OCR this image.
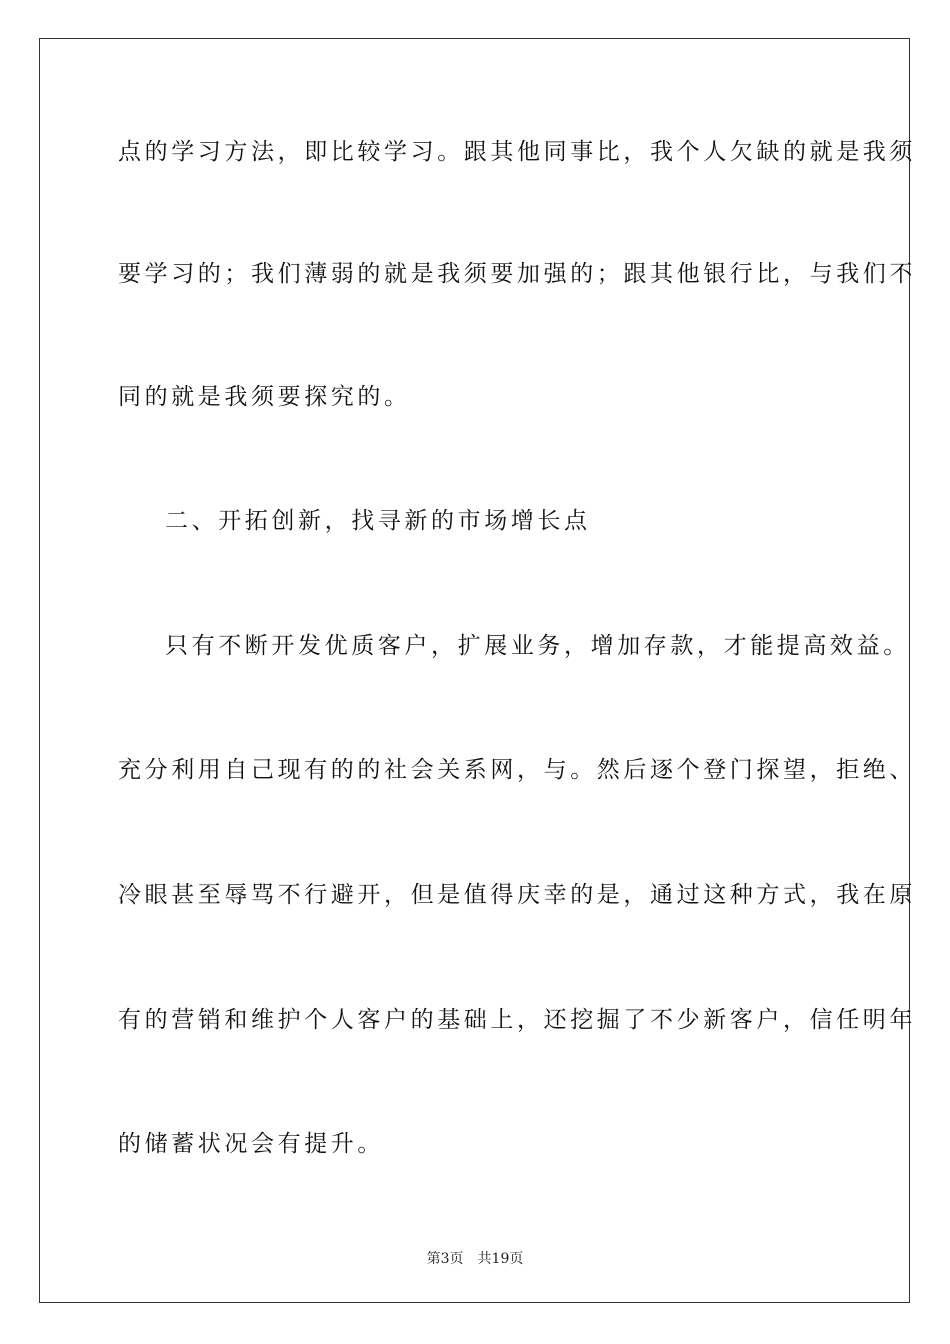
点的学习方法，即比较学习。跟其他同事比，我个人欠缺的就是我须
要学习的；我们薄弱的就是我须要加强的；跟其他银行比，与我们不
同的就是我须要探究的。
二、开拓创新，找寻新的市场增长点
只有不断开发优质客户，扩展业务，增加存款，才能提高效益。
充分利用自己现有的的社会关系网，与。然后逐个登门探望，拒绝、
冷眼甚至辱骂不行避开，但是值得庆幸的是，通过这种方式，我在原
有的营销和维护个人客户的基础上，还挖掘了不少新客户，信任明年
的储蓄状况会有提升。
第3页 共19页
